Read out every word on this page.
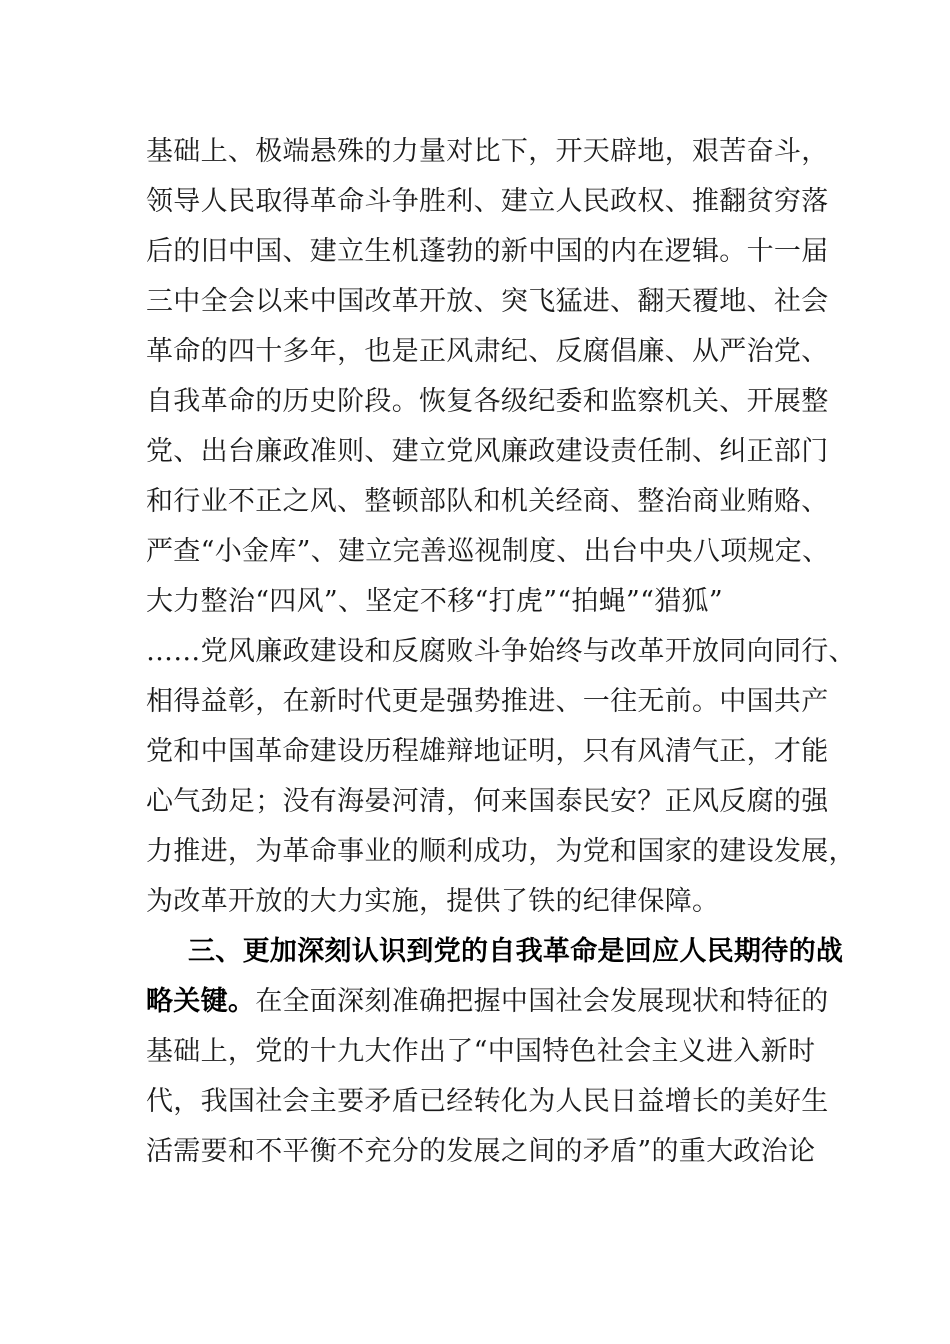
基础上、极端悬殊的力量对比下，开天辟地，艰苦奋斗，
领导人民取得革命斗争胜利、建立人民政权、推翻贫穷落
后的旧中国、建立生机蓬勃的新中国的内在逻辑。十一届
三中全会以来中国改革开放、突飞猛进、翻天覆地、社会
革命的四十多年，也是正风肃纪、反腐倡廉、从严治党、
自我革命的历史阶段。恢复各级纪委和监察机关、开展整
党、出台廉政准则、建立党风廉政建设责任制、纠正部门
和行业不正之风、整顿部队和机关经商、整治商业贿赂、
严查“小金库”、建立完善巡视制度、出台中央八项规定、
大力整治“四风”、坚定不移“打虎”“拍蝇”“猎狐”
……党风廉政建设和反腐败斗争始终与改革开放同向同行、
相得益彰，在新时代更是强势推进、一往无前。中国共产
党和中国革命建设历程雄辩地证明，只有风清气正，才能
心气劲足；没有海晏河清，何来国泰民安？正风反腐的强
力推进，为革命事业的顺利成功，为党和国家的建设发展，
为改革开放的大力实施，提供了铁的纪律保障。
三、更加深刻认识到党的自我革命是回应人民期待的战
略关键。在全面深刻准确把握中国社会发展现状和特征的
基础上，党的十九大作出了“中国特色社会主义进入新时
代，我国社会主要矛盾已经转化为人民日益增长的美好生
活需要和不平衡不充分的发展之间的矛盾”的重大政治论
